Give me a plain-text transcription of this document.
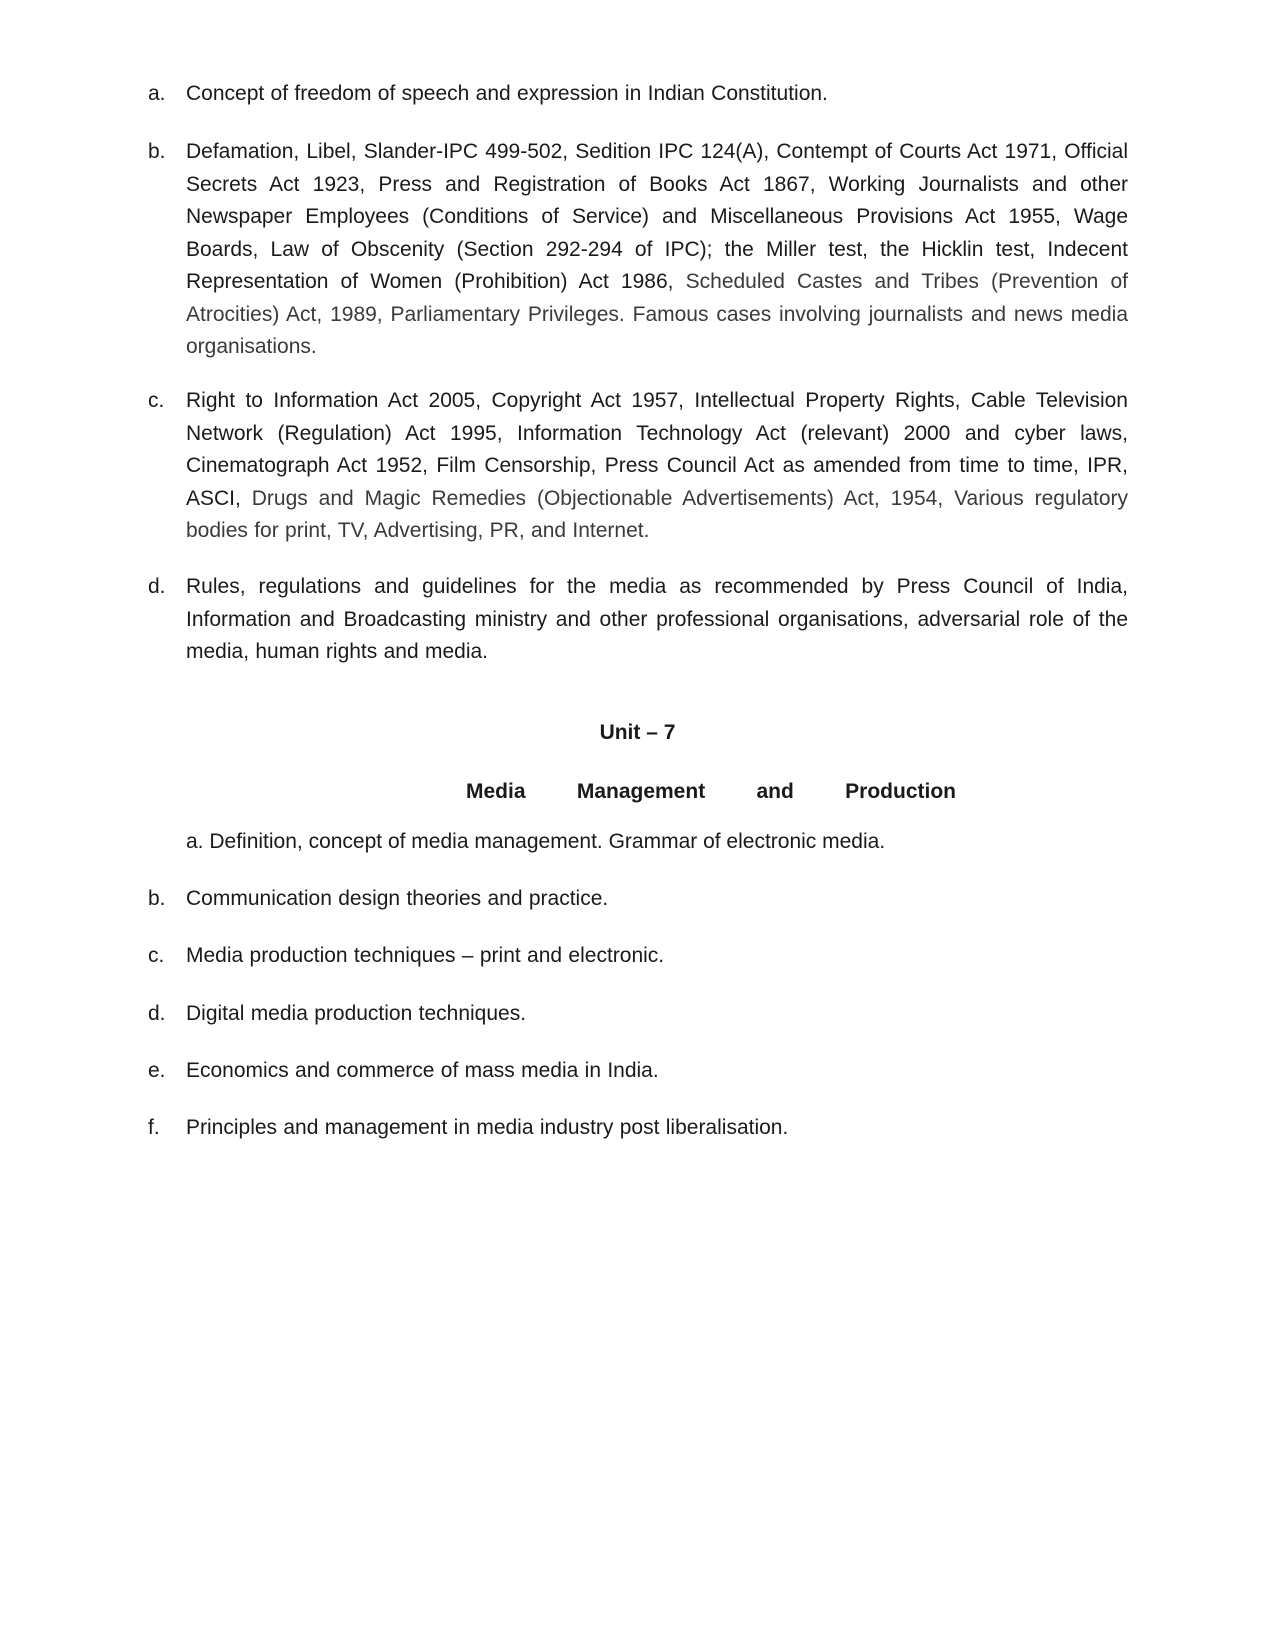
a. Concept of freedom of speech and expression in Indian Constitution.
b. Defamation, Libel, Slander-IPC 499-502, Sedition IPC 124(A), Contempt of Courts Act 1971, Official Secrets Act 1923, Press and Registration of Books Act 1867, Working Journalists and other Newspaper Employees (Conditions of Service) and Miscellaneous Provisions Act 1955, Wage Boards, Law of Obscenity (Section 292-294 of IPC); the Miller test, the Hicklin test, Indecent Representation of Women (Prohibition) Act 1986, Scheduled Castes and Tribes (Prevention of Atrocities) Act, 1989, Parliamentary Privileges. Famous cases involving journalists and news media organisations.
c.	Right to Information Act 2005, Copyright Act 1957, Intellectual Property Rights, Cable Television Network (Regulation) Act 1995, Information Technology Act (relevant) 2000 and cyber laws, Cinematograph Act 1952, Film Censorship, Press Council Act as amended from time to time, IPR, ASCI, Drugs and Magic Remedies (Objectionable Advertisements) Act, 1954, Various regulatory bodies for print, TV, Advertising, PR, and Internet.
d. Rules, regulations and guidelines for the media as recommended by Press Council of India, Information and Broadcasting ministry and other professional organisations, adversarial role of the media, human rights and media.
Unit – 7
Media Management and Production
a. Definition, concept of media management. Grammar of electronic media.
b. Communication design theories and practice.
c.	Media production techniques – print and electronic.
d. Digital media production techniques.
e. Economics and commerce of mass media in India.
f.	Principles and management in media industry post liberalisation.
